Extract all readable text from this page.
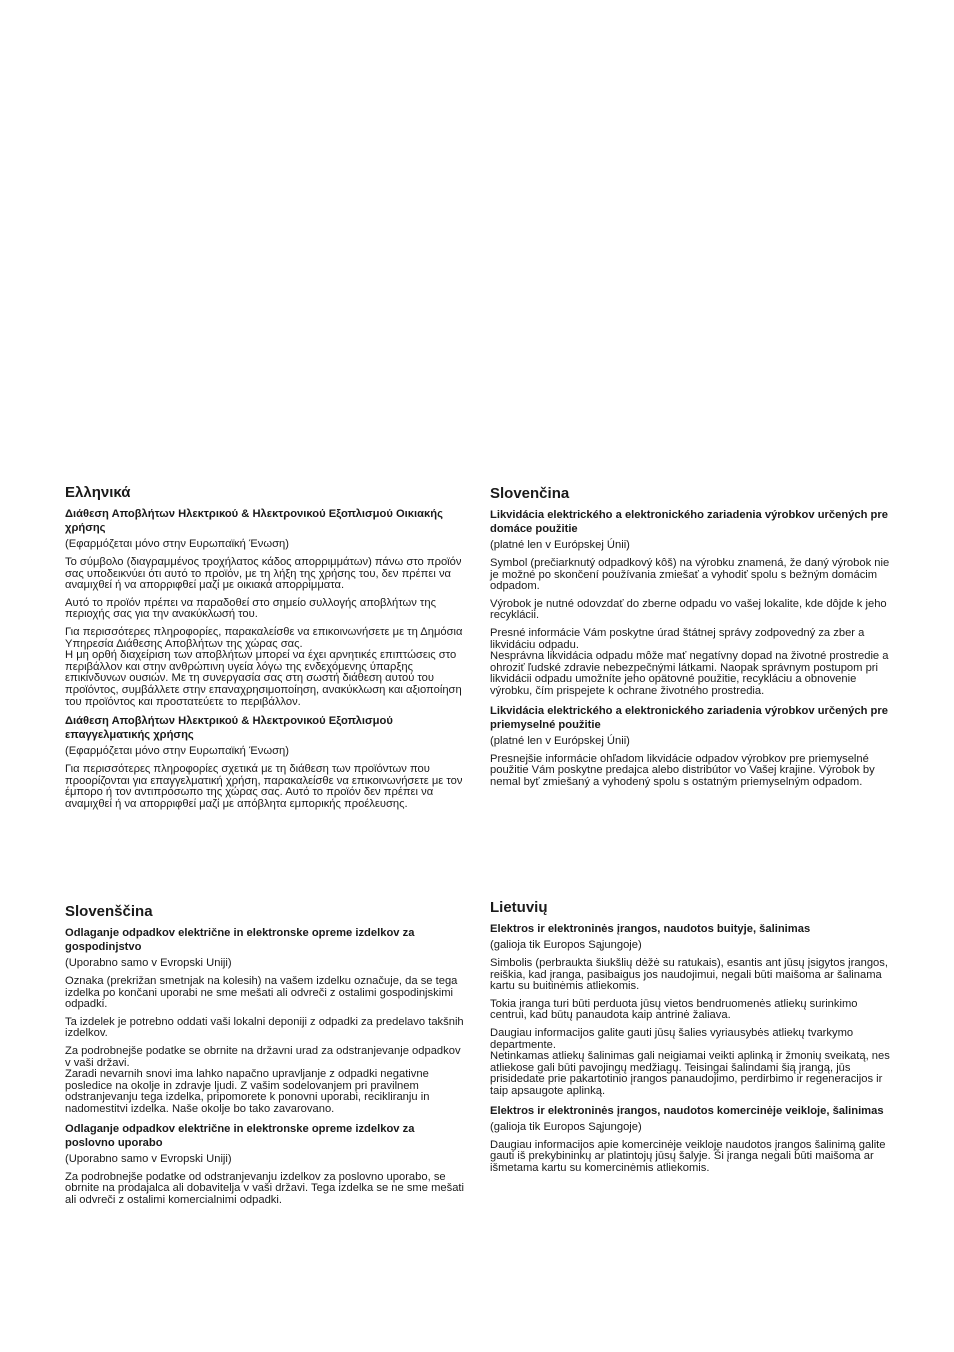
Ελληνικά
Διάθεση Αποβλήτων Ηλεκτρικού & Ηλεκτρονικού Εξοπλισμού Οικιακής χρήσης
(Εφαρμόζεται μόνο στην Ευρωπαϊκή Ένωση)
Το σύμβολο (διαγραμμένος τροχήλατος κάδος απορριμμάτων) πάνω στο προϊόν σας υποδεικνύει ότι αυτό το προϊόν, με τη λήξη της χρήσης του, δεν πρέπει να αναμιχθεί ή να απορριφθεί μαζί με οικιακά απορρίμματα.
Αυτό το προϊόν πρέπει να παραδοθεί στο σημείο συλλογής αποβλήτων της περιοχής σας για την ανακύκλωσή του.
Για περισσότερες πληροφορίες, παρακαλείσθε να επικοινωνήσετε με τη Δημόσια Υπηρεσία Διάθεσης Αποβλήτων της χώρας σας.
Η μη ορθή διαχείριση των αποβλήτων μπορεί να έχει αρνητικές επιπτώσεις στο περιβάλλον και στην ανθρώπινη υγεία λόγω της ενδεχόμενης ύπαρξης επικίνδυνων ουσιών. Με τη συνεργασία σας στη σωστή διάθεση αυτού του προϊόντος, συμβάλλετε στην επαναχρησιμοποίηση, ανακύκλωση και αξιοποίηση του προϊόντος και προστατεύετε το περιβάλλον.
Διάθεση Αποβλήτων Ηλεκτρικού & Ηλεκτρονικού Εξοπλισμού επαγγελματικής χρήσης
(Εφαρμόζεται μόνο στην Ευρωπαϊκή Ένωση)
Για περισσότερες πληροφορίες σχετικά με τη διάθεση των προϊόντων που προορίζονται για επαγγελματική χρήση, παρακαλείσθε να επικοινωνήσετε με τον έμπορο ή τον αντιπρόσωπο της χώρας σας. Αυτό το προϊόν δεν πρέπει να αναμιχθεί ή να απορριφθεί μαζί με απόβλητα εμπορικής προέλευσης.
Slovenčina
Likvidácia elektrického a elektronického zariadenia výrobkov určených pre domáce použitie
(platné len v Európskej Únii)
Symbol (prečiarknutý odpadkový kôš) na výrobku znamená, že daný výrobok nie je možné po skončení používania zmiešať a vyhodiť spolu s bežným domácim odpadom.
Výrobok je nutné odovzdať do zberne odpadu vo vašej lokalite, kde dôjde k jeho recyklácii.
Presné informácie Vám poskytne úrad štátnej správy zodpovedný za zber a likvidáciu odpadu.
Nesprávna likvidácia odpadu môže mať negatívny dopad na životné prostredie a ohroziť ľudské zdravie nebezpečnými látkami. Naopak správnym postupom pri likvidácii odpadu umožníte jeho opätovné použitie, recykláciu a obnovenie výrobku, čím prispejete k ochrane životného prostredia.
Likvidácia elektrického a elektronického zariadenia výrobkov určených pre priemyselné použitie
(platné len v Európskej Únii)
Presnejšie informácie ohľadom likvidácie odpadov výrobkov pre priemyselné použitie Vám poskytne predajca alebo distribútor vo Vašej krajine. Výrobok by nemal byť zmiešaný a vyhodený spolu s ostatným priemyselným odpadom.
Slovenščina
Odlaganje odpadkov električne in elektronske opreme izdelkov za gospodinjstvo
(Uporabno samo v Evropski Uniji)
Oznaka (prekrižan smetnjak na kolesih) na vašem izdelku označuje, da se tega izdelka po končani uporabi ne sme mešati ali odvreči z ostalimi gospodinjskimi odpadki.
Ta izdelek je potrebno oddati vaši lokalni deponiji z odpadki za predelavo takšnih izdelkov.
Za podrobnejše podatke se obrnite na državni urad za odstranjevanje odpadkov v vaši državi.
Zaradi nevarnih snovi ima lahko napačno upravljanje z odpadki negativne posledice na okolje in zdravje ljudi. Z vašim sodelovanjem pri pravilnem odstranjevanju tega izdelka, pripomorete k ponovni uporabi, recikliranju in nadomestitvi izdelka. Naše okolje bo tako zavarovano.
Odlaganje odpadkov električne in elektronske opreme izdelkov za poslovno uporabo
(Uporabno samo v Evropski Uniji)
Za podrobnejše podatke od odstranjevanju izdelkov za poslovno uporabo, se obrnite na prodajalca ali dobavitelja v vaši državi. Tega izdelka se ne sme mešati ali odvreči z ostalimi komercialnimi odpadki.
Lietuvių
Elektros ir elektroninės įrangos, naudotos buityje, šalinimas
(galioja tik Europos Sąjungoje)
Simbolis (perbraukta šiukšlių dėžė su ratukais), esantis ant jūsų įsigytos įrangos, reiškia, kad įranga, pasibaigus jos naudojimui, negali būti maišoma ar šalinama kartu su buitinėmis atliekomis.
Tokia įranga turi būti perduota jūsų vietos bendruomenės atliekų surinkimo centrui, kad būtų panaudota kaip antrinė žaliava.
Daugiau informacijos galite gauti jūsų šalies vyriausybės atliekų tvarkymo departmente.
Netinkamas atliekų šalinimas gali neigiamai veikti aplinką ir žmonių sveikatą, nes atliekose gali būti pavojingų medžiagų. Teisingai šalindami šią įrangą, jūs prisidedate prie pakartotinio įrangos panaudojimo, perdirbimo ir regeneracijos ir taip apsaugote aplinką.
Elektros ir elektroninės įrangos, naudotos komercinėje veikloje, šalinimas
(galioja tik Europos Sąjungoje)
Daugiau informacijos apie komercinėje veikloje naudotos įrangos šalinimą galite gauti iš prekybininkų ar platintojų jūsų šalyje. Ši įranga negali būti maišoma ar išmetama kartu su komercinėmis atliekomis.
